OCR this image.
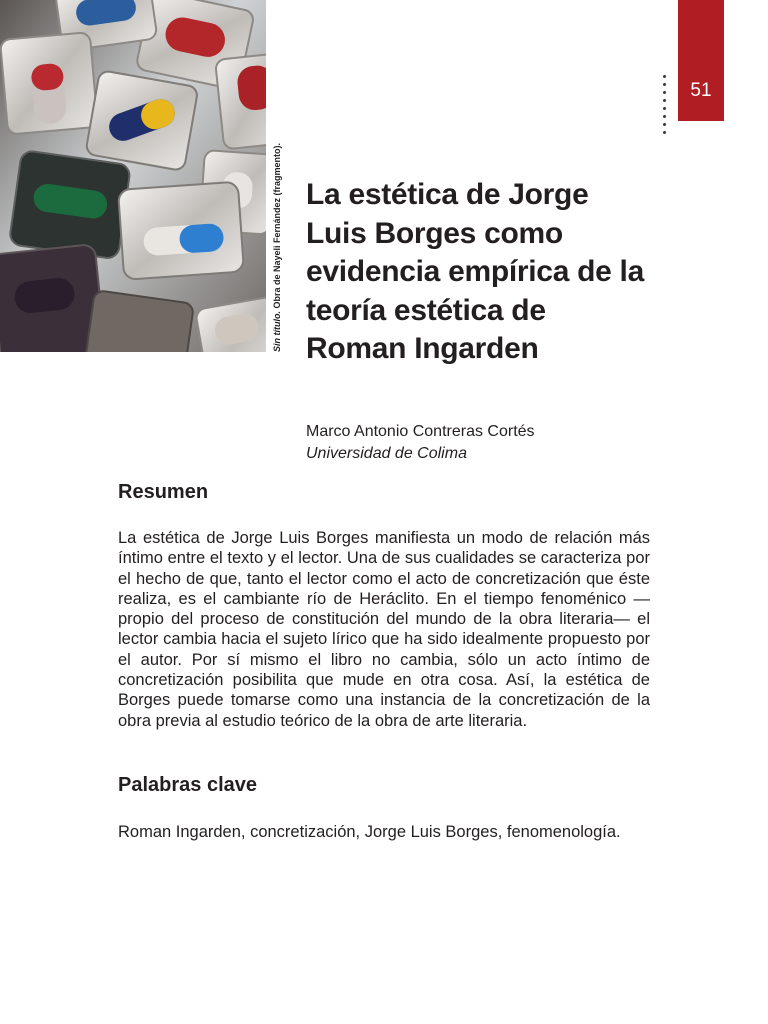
Sin título. Obra de Nayeli Fernández (fragmento).
51
La estética de Jorge Luis Borges como evidencia empírica de la teoría estética de Roman Ingarden
Marco Antonio Contreras Cortés
Universidad de Colima
Resumen

La estética de Jorge Luis Borges manifiesta un modo de relación más íntimo entre el texto y el lector. Una de sus cualidades se caracteriza por el hecho de que, tanto el lector como el acto de concretización que éste realiza, es el cambiante río de Heráclito. En el tiempo fenoménico —propio del proceso de constitución del mundo de la obra literaria— el lector cambia hacia el sujeto lírico que ha sido idealmente propuesto por el autor. Por sí mismo el libro no cambia, sólo un acto íntimo de concretización posibilita que mude en otra cosa. Así, la estética de Borges puede tomarse como una instancia de la concretización de la obra previa al estudio teórico de la obra de arte literaria.

Palabras clave

Roman Ingarden, concretización, Jorge Luis Borges, fenomenología.
